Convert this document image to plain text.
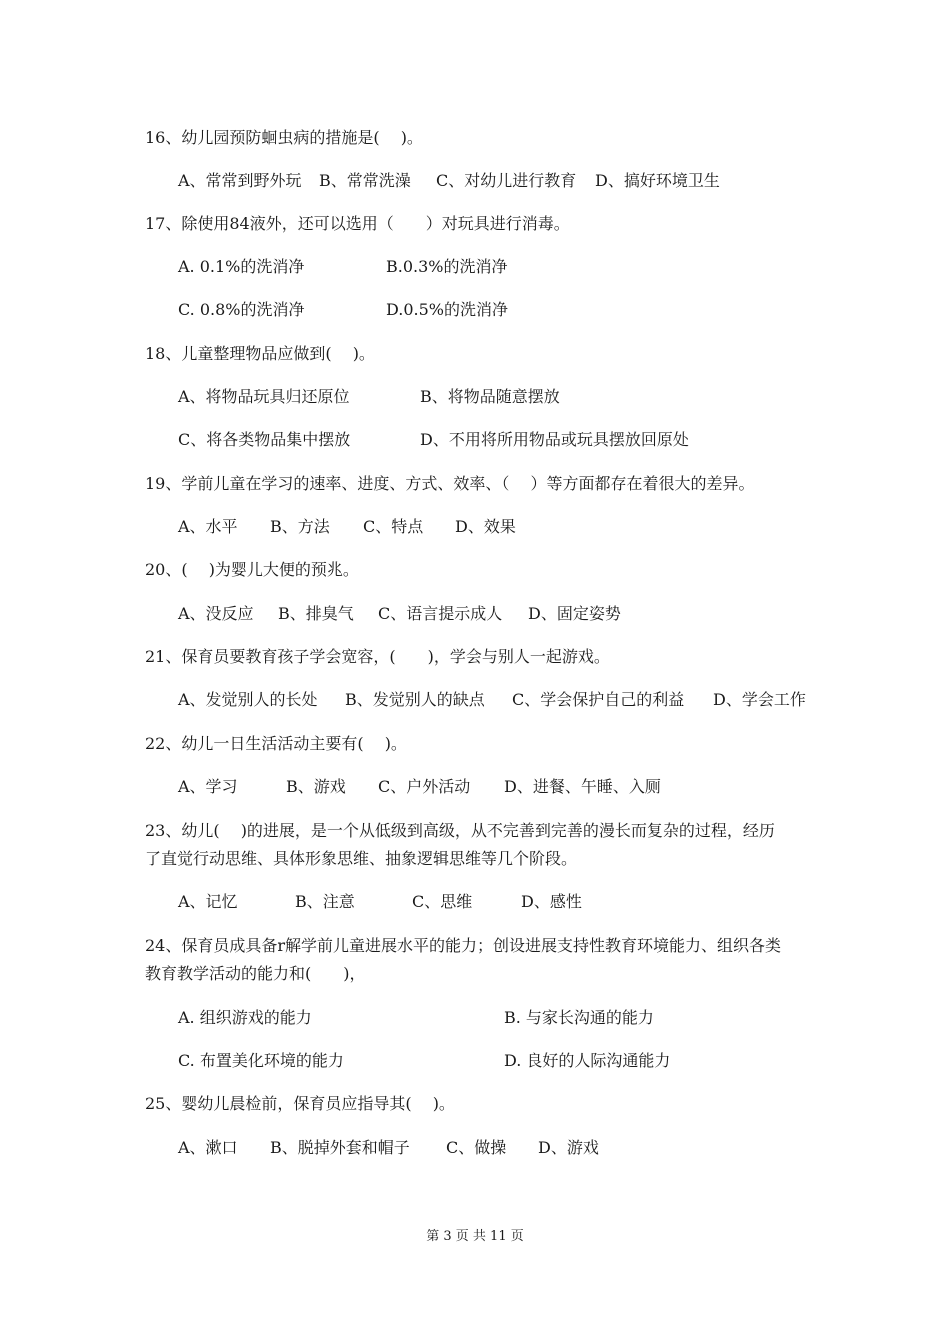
16、幼儿园预防蛔虫病的措施是(　 )。
A、常常到野外玩 B、常常洗澡 C、对幼儿进行教育 D、搞好环境卫生
17、除使用84液外，还可以选用（　　）对玩具进行消毒。
A. 0.1%的洗消净	B.0.3%的洗消净
C. 0.8%的洗消净	D.0.5%的洗消净
18、儿童整理物品应做到(　 )。
A、将物品玩具归还原位	B、将物品随意摆放
C、将各类物品集中摆放	D、不用将所用物品或玩具摆放回原处
19、学前儿童在学习的速率、进度、方式、效率、（　 ）等方面都存在着很大的差异。
A、水平 B、方法 C、特点 D、效果
20、(　 )为婴儿大便的预兆。
A、没反应 B、排臭气 C、语言提示成人 D、固定姿势
21、保育员要教育孩子学会宽容，(　　)，学会与别人一起游戏。
A、发觉别人的长处 B、发觉别人的缺点 C、学会保护自己的利益 D、学会工作
22、幼儿一日生活活动主要有(　 )。
A、学习	B、游戏 C、户外活动 D、进餐、午睡、入厕
23、幼儿(　 )的进展，是一个从低级到高级，从不完善到完善的漫长而复杂的过程，经历
了直觉行动思维、具体形象思维、抽象逻辑思维等几个阶段。
A、记忆	B、注意	C、思维	D、感性
24、保育员成具备r解学前儿童进展水平的能力；创设进展支持性教育环境能力、组织各类
教育教学活动的能力和(　　)，
A. 组织游戏的能力	B. 与家长沟通的能力
C. 布置美化环境的能力	D. 良好的人际沟通能力
25、婴幼儿晨检前，保育员应指导其(　 )。
A、漱口 B、脱掉外套和帽子 C、做操 D、游戏
第 3 页 共 11 页
